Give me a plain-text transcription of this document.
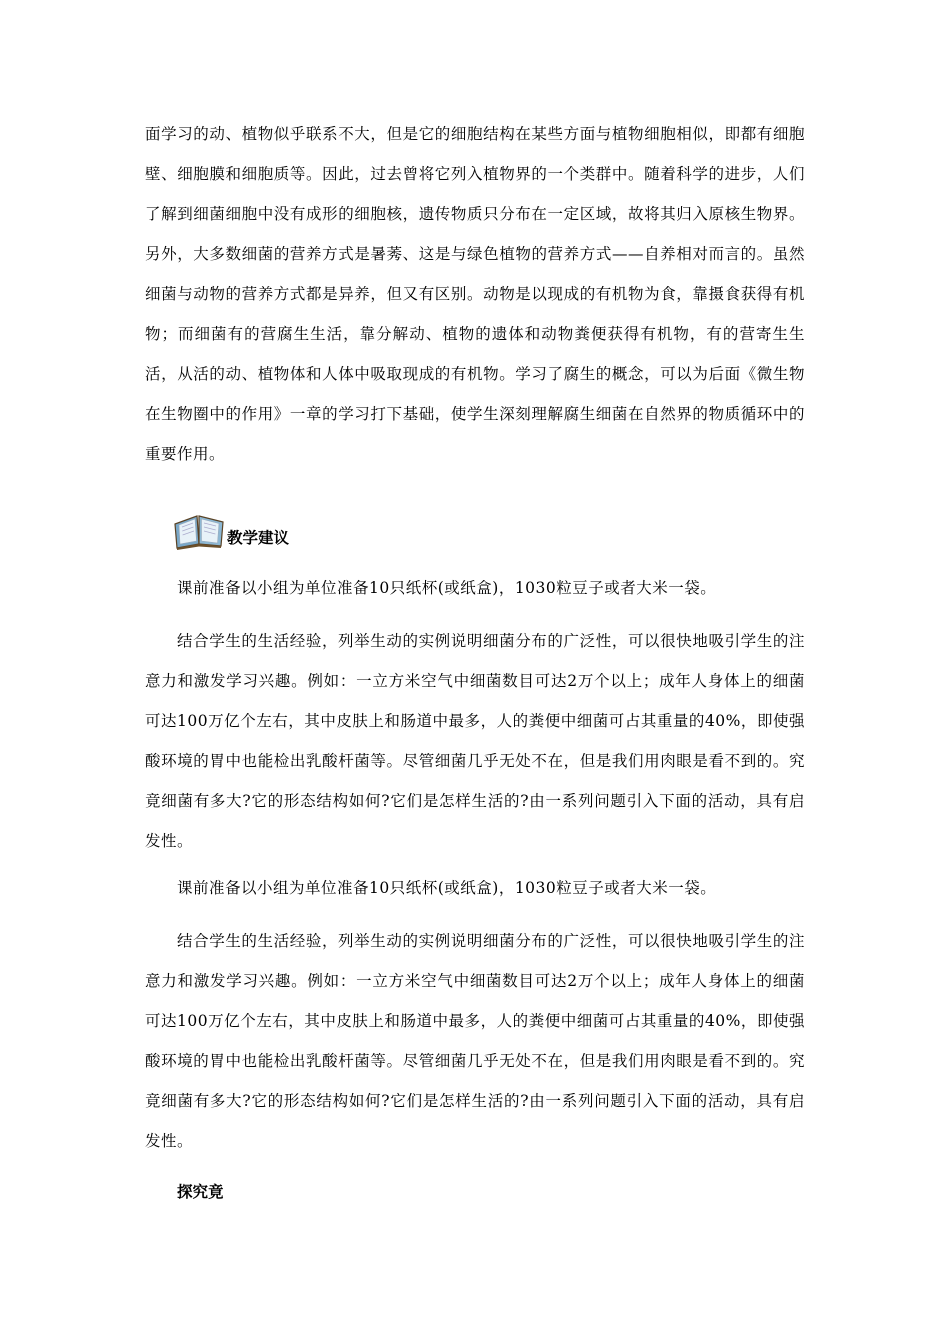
面学习的动、植物似乎联系不大，但是它的细胞结构在某些方面与植物细胞相似，即都有细胞壁、细胞膜和细胞质等。因此，过去曾将它列入植物界的一个类群中。随着科学的进步，人们了解到细菌细胞中没有成形的细胞核，遗传物质只分布在一定区域，故将其归入原核生物界。另外，大多数细菌的营养方式是暑莠、这是与绿色植物的营养方式——自养相对而言的。虽然细菌与动物的营养方式都是异养，但又有区别。动物是以现成的有机物为食，靠摄食获得有机物；而细菌有的营腐生生活，靠分解动、植物的遗体和动物粪便获得有机物，有的营寄生生活，从活的动、植物体和人体中吸取现成的有机物。学习了腐生的概念，可以为后面《微生物在生物圈中的作用》一章的学习打下基础，使学生深刻理解腐生细菌在自然界的物质循环中的重要作用。

教学建议

课前准备以小组为单位准备10只纸杯(或纸盒)，1030粒豆子或者大米一袋。

结合学生的生活经验，列举生动的实例说明细菌分布的广泛性，可以很快地吸引学生的注意力和激发学习兴趣。例如：一立方米空气中细菌数目可达2万个以上；成年人身体上的细菌可达100万亿个左右，其中皮肤上和肠道中最多，人的粪便中细菌可占其重量的40%，即使强酸环境的胃中也能检出乳酸杆菌等。尽管细菌几乎无处不在，但是我们用肉眼是看不到的。究竟细菌有多大?它的形态结构如何?它们是怎样生活的?由一系列问题引入下面的活动，具有启发性。

课前准备以小组为单位准备10只纸杯(或纸盒)，1030粒豆子或者大米一袋。

结合学生的生活经验，列举生动的实例说明细菌分布的广泛性，可以很快地吸引学生的注意力和激发学习兴趣。例如：一立方米空气中细菌数目可达2万个以上；成年人身体上的细菌可达100万亿个左右，其中皮肤上和肠道中最多，人的粪便中细菌可占其重量的40%，即使强酸环境的胃中也能检出乳酸杆菌等。尽管细菌几乎无处不在，但是我们用肉眼是看不到的。究竟细菌有多大?它的形态结构如何?它们是怎样生活的?由一系列问题引入下面的活动，具有启发性。

探究竟
